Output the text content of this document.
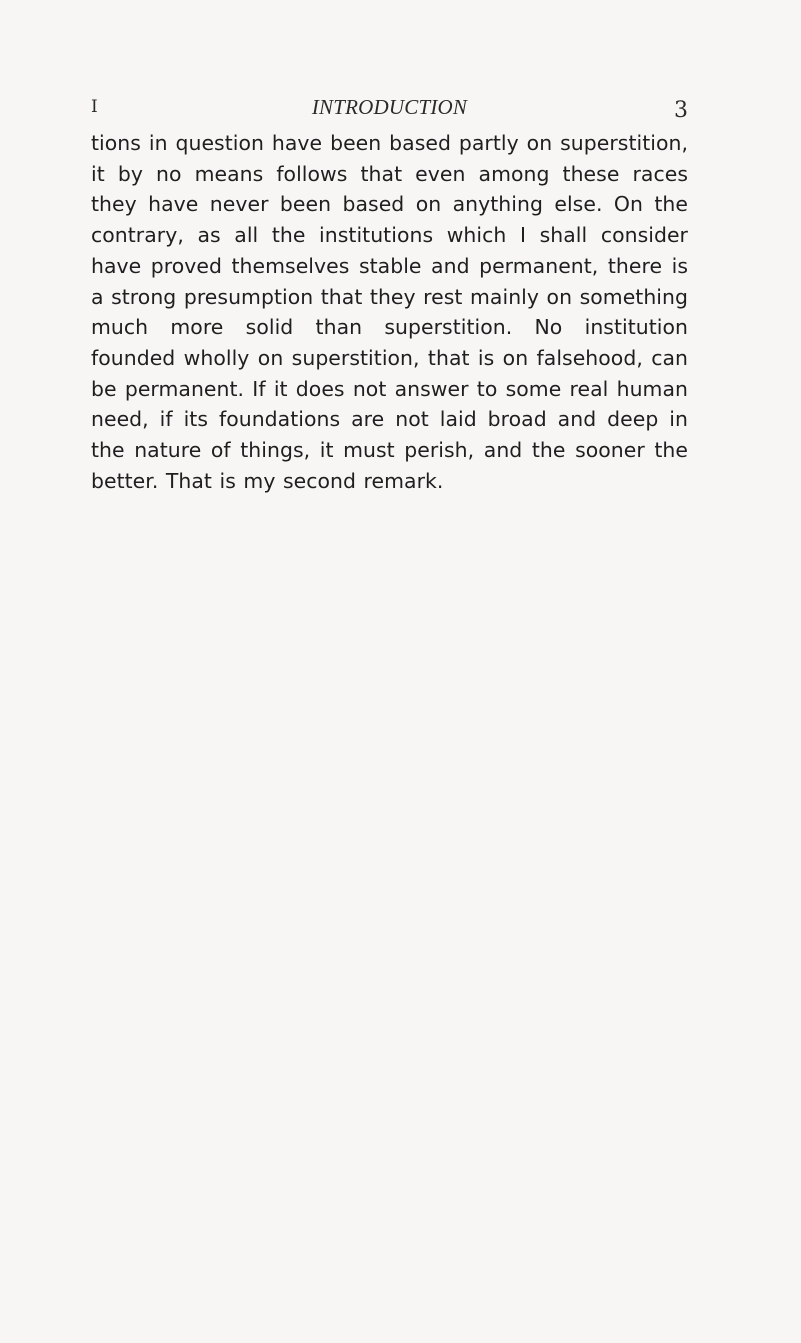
I	INTRODUCTION	3

tions in question have been based partly on superstition, it by no means follows that even among these races they have never been based on anything else. On the contrary, as all the institutions which I shall consider have proved themselves stable and permanent, there is a strong presumption that they rest mainly on something much more solid than superstition. No institution founded wholly on superstition, that is on falsehood, can be permanent. If it does not answer to some real human need, if its foundations are not laid broad and deep in the nature of things, it must perish, and the sooner the better. That is my second remark.
